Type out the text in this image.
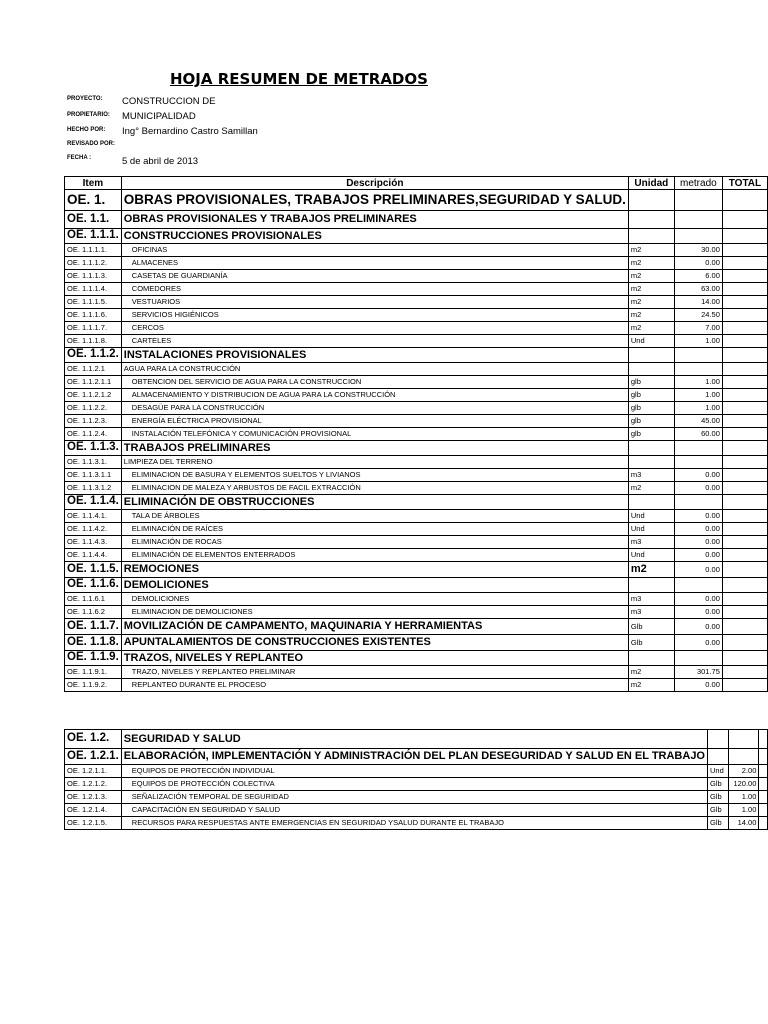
HOJA RESUMEN DE METRADOS
PROYECTO: CONSTRUCCION DE
PROPIETARIO: MUNICIPALIDAD
HECHO POR: Ing° Bernardino Castro Samillan
REVISADO POR:
FECHA :	5 de abril de 2013
Item	Descripción	Unidad	metrado	TOTAL
OE. 1.	OBRAS PROVISIONALES, TRABAJOS PRELIMINARES,SEGURIDAD Y SALUD.			
OE. 1.1.	OBRAS PROVISIONALES Y TRABAJOS PRELIMINARES			
OE. 1.1.1.	CONSTRUCCIONES PROVISIONALES			
OE. 1.1.1.1.	OFICINAS	m2	30.00	
OE. 1.1.1.2.	ALMACENES	m2	0.00	
OE. 1.1.1.3.	CASETAS DE GUARDIANÍA	m2	6.00	
OE. 1.1.1.4.	COMEDORES	m2	63.00	
OE. 1.1.1.5.	VESTUARIOS	m2	14.00	
OE. 1.1.1.6.	SERVICIOS HIGIÉNICOS	m2	24.50	
OE. 1.1.1.7.	CERCOS	m2	7.00	
OE. 1.1.1.8.	CARTELES	Und	1.00	
OE. 1.1.2.	INSTALACIONES PROVISIONALES			
OE. 1.1.2.1	AGUA PARA LA CONSTRUCCIÓN			
OE. 1.1.2.1.1	OBTENCION DEL SERVICIO DE AGUA PARA LA CONSTRUCCION	glb	1.00	
OE. 1.1.2.1.2	ALMACENAMIENTO Y DISTRIBUCION DE AGUA PARA LA CONSTRUCCIÓN	glb	1.00	
OE. 1.1.2.2.	DESAGÜE PARA LA CONSTRUCCIÓN	glb	1.00	
OE. 1.1.2.3.	ENERGÍA ELÉCTRICA PROVISIONAL	glb	45.00	
OE. 1.1.2.4.	INSTALACIÓN TELEFÓNICA Y COMUNICACIÓN PROVISIONAL	glb	60.00	
OE. 1.1.3.	TRABAJOS PRELIMINARES			
OE. 1.1.3.1.	LIMPIEZA DEL TERRENO			
OE. 1.1.3.1.1	ELIMINACION DE BASURA Y ELEMENTOS SUELTOS Y LIVIANOS	m3	0.00	
OE. 1.1.3.1.2	ELIMINACION DE MALEZA Y ARBUSTOS DE FACIL EXTRACCIÓN	m2	0.00	
OE. 1.1.4.	ELIMINACIÓN DE OBSTRUCCIONES			
OE. 1.1.4.1.	TALA DE ÁRBOLES	Und	0.00	
OE. 1.1.4.2.	ELIMINACIÓN DE RAÍCES	Und	0.00	
OE. 1.1.4.3.	ELIMINACIÓN DE ROCAS	m3	0.00	
OE. 1.1.4.4.	ELIMINACIÓN DE ELEMENTOS ENTERRADOS	Und	0.00	
OE. 1.1.5.	REMOCIONES	m2	0.00	
OE. 1.1.6.	DEMOLICIONES			
OE. 1.1.6.1	DEMOLICIONES	m3	0.00	
OE. 1.1.6.2	ELIMINACION DE DEMOLICIONES	m3	0.00	
OE. 1.1.7.	MOVILIZACIÓN DE CAMPAMENTO, MAQUINARIA Y HERRAMIENTAS	Glb	0.00	
OE. 1.1.8.	APUNTALAMIENTOS DE CONSTRUCCIONES EXISTENTES	Glb	0.00	
OE. 1.1.9.	TRAZOS, NIVELES Y REPLANTEO			
OE. 1.1.9.1.	TRAZO, NIVELES Y REPLANTEO PRELIMINAR	m2	301.75	
OE. 1.1.9.2.	REPLANTEO DURANTE EL PROCESO	m2	0.00	
OE. 1.2.	SEGURIDAD Y SALUD			
OE. 1.2.1.	ELABORACIÓN, IMPLEMENTACIÓN Y ADMINISTRACIÓN DEL PLAN DESEGURIDAD Y SALUD EN EL TRABAJO			
OE. 1.2.1.1.	EQUIPOS DE PROTECCIÓN INDIVIDUAL	Und	2.00	
OE. 1.2.1.2.	EQUIPOS DE PROTECCIÓN COLECTIVA	Glb	120.00	
OE. 1.2.1.3.	SEÑALIZACIÓN TEMPORAL DE SEGURIDAD	Glb	1.00	
OE. 1.2.1.4.	CAPACITACIÓN EN SEGURIDAD Y SALUD	Glb	1.00	
OE. 1.2.1.5.	RECURSOS PARA RESPUESTAS ANTE EMERGENCIAS EN SEGURIDAD YSALUD DURANTE EL TRABAJO	Glb	14.00	
